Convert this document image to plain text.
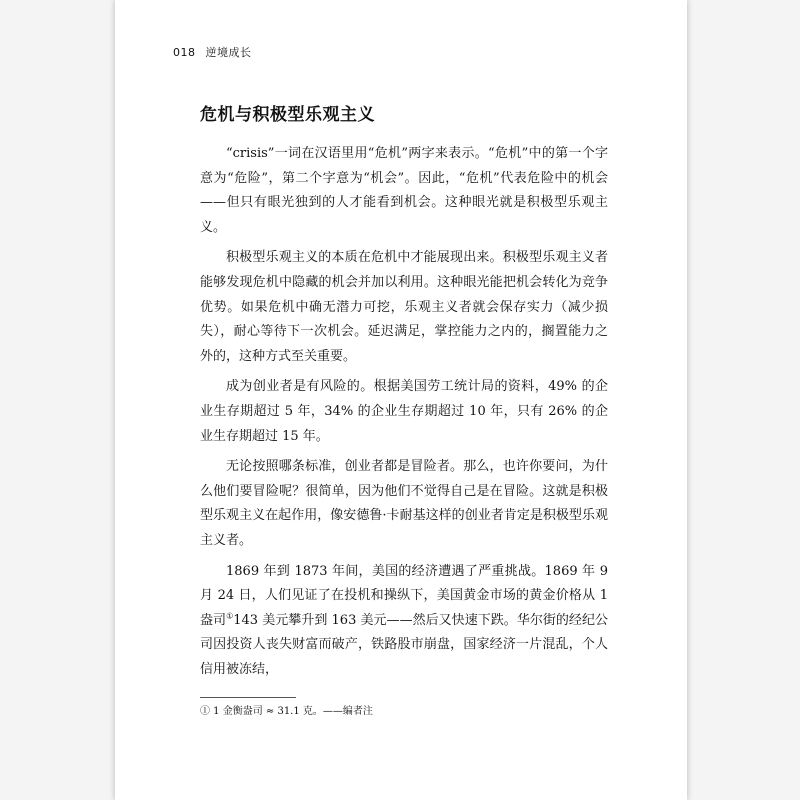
018 逆境成长
危机与积极型乐观主义

“crisis”一词在汉语里用“危机”两字来表示。“危机”中的第一个字意为“危险”，第二个字意为“机会”。因此，“危机”代表危险中的机会——但只有眼光独到的人才能看到机会。这种眼光就是积极型乐观主义。

积极型乐观主义的本质在危机中才能展现出来。积极型乐观主义者能够发现危机中隐藏的机会并加以利用。这种眼光能把机会转化为竞争优势。如果危机中确无潜力可挖，乐观主义者就会保存实力（减少损失），耐心等待下一次机会。延迟满足，掌控能力之内的，搁置能力之外的，这种方式至关重要。

成为创业者是有风险的。根据美国劳工统计局的资料，49% 的企业生存期超过 5 年，34% 的企业生存期超过 10 年，只有 26% 的企业生存期超过 15 年。

无论按照哪条标准，创业者都是冒险者。那么，也许你要问，为什么他们要冒险呢？很简单，因为他们不觉得自己是在冒险。这就是积极型乐观主义在起作用，像安德鲁·卡耐基这样的创业者肯定是积极型乐观主义者。

1869 年到 1873 年间，美国的经济遭遇了严重挑战。1869 年 9 月 24 日，人们见证了在投机和操纵下，美国黄金市场的黄金价格从 1 盎司①143 美元攀升到 163 美元——然后又快速下跌。华尔街的经纪公司因投资人丧失财富而破产，铁路股市崩盘，国家经济一片混乱，个人信用被冻结，

① 1 金衡盎司 ≈ 31.1 克。——编者注
